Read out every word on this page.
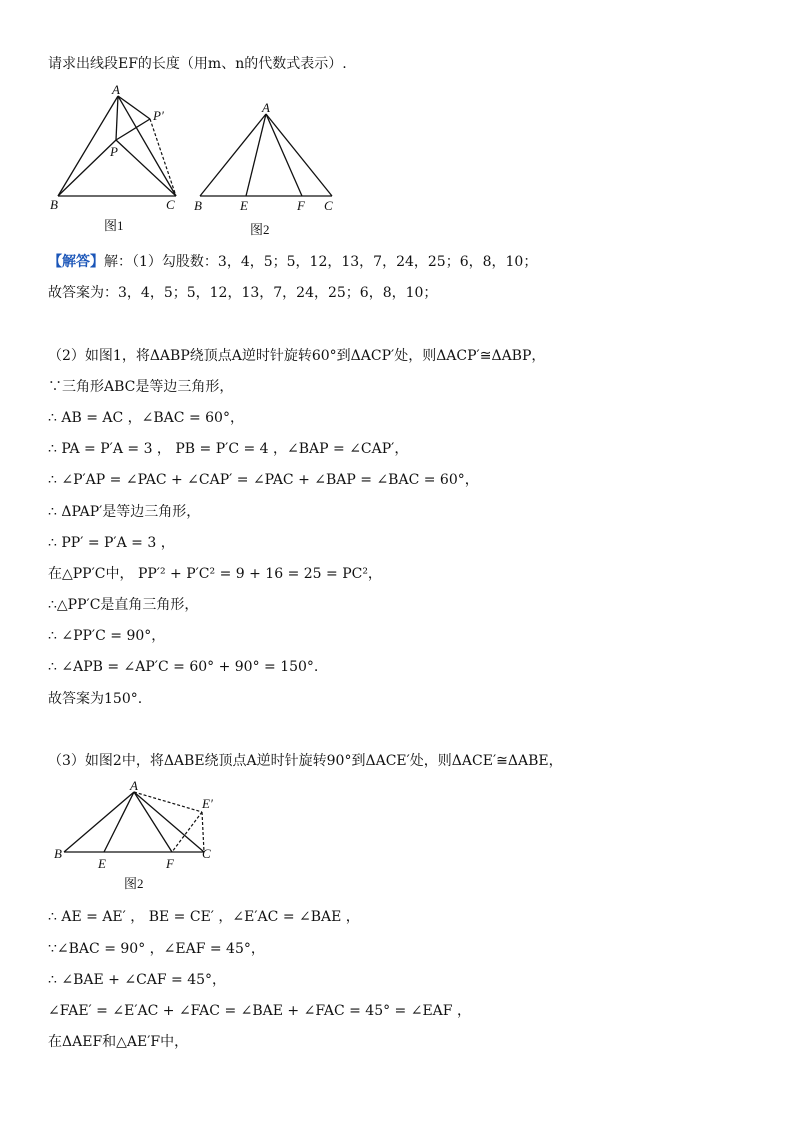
请求出线段EF的长度（用m、n的代数式表示）.
A
P′
P
B	C
图1
A
B	E	F C
图2
【解答】解：（1）勾股数：3，4，5；5，12，13，7，24，25；6，8，10；
故答案为：3，4，5；5，12，13，7，24，25；6，8，10；
（2）如图1，将ΔABP绕顶点A逆时针旋转60°到ΔACP′处，则ΔACP′≅ΔABP，
∵三角形ABC是等边三角形，
∴ AB = AC ，∠BAC = 60°，
∴ PA = P′A = 3 ， PB = P′C = 4 ，∠BAP = ∠CAP′，
∴ ∠P′AP = ∠PAC + ∠CAP′ = ∠PAC + ∠BAP = ∠BAC = 60°，
∴ ΔPAP′是等边三角形，
∴ PP′ = P′A = 3 ，
在△PP′C中， PP′² + P′C² = 9 + 16 = 25 = PC²，
∴△PP′C是直角三角形，
∴ ∠PP′C = 90°，
∴ ∠APB = ∠AP′C = 60° + 90° = 150°.
故答案为150°.
（3）如图2中，将ΔABE绕顶点A逆时针旋转90°到ΔACE′处，则ΔACE′≅ΔABE，
A
E′
B	C
E	F
图2
∴ AE = AE′ ， BE = CE′ ，∠E′AC = ∠BAE ，
∵∠BAC = 90° ，∠EAF = 45°，
∴ ∠BAE + ∠CAF = 45°，
∠FAE′ = ∠E′AC + ∠FAC = ∠BAE + ∠FAC = 45° = ∠EAF ，
在ΔAEF和△AE′F中，
